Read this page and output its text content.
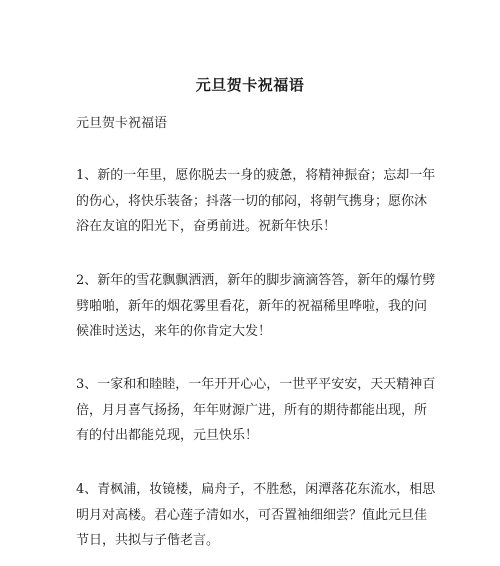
元旦贺卡祝福语
元旦贺卡祝福语
1、新的一年里，愿你脱去一身的疲惫，将精神振奋；忘却一年
的伤心，将快乐装备；抖落一切的郁闷，将朝气携身；愿你沐
浴在友谊的阳光下，奋勇前进。祝新年快乐！
2、新年的雪花飘飘洒洒，新年的脚步滴滴答答，新年的爆竹劈
劈啪啪，新年的烟花雾里看花，新年的祝福稀里哗啦，我的问
候准时送达，来年的你肯定大发！
3、一家和和睦睦，一年开开心心，一世平平安安，天天精神百
倍，月月喜气扬扬，年年财源广进，所有的期待都能出现，所
有的付出都能兑现，元旦快乐！
4、青枫浦，妆镜楼，扁舟子，不胜愁，闲潭落花东流水，相思
明月对高楼。君心莲子清如水，可否置袖细细尝？值此元旦佳
节日，共拟与子偕老言。
